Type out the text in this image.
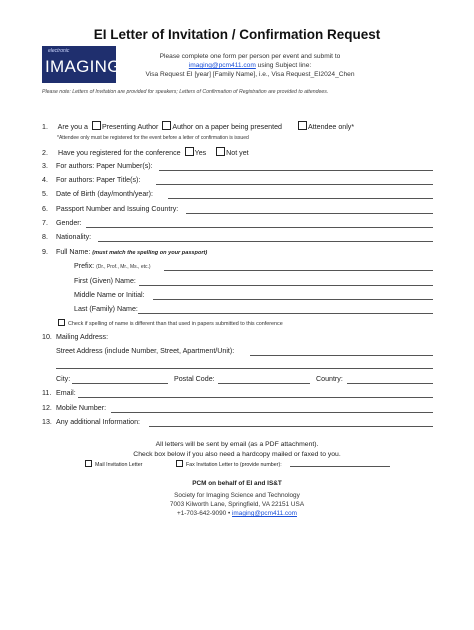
EI Letter of Invitation / Confirmation Request
electronic
IMAGING
Please complete one form per person per event and submit to
imaging@pcm411.com using Subject line:
Visa Request EI [year] [Family Name], i.e., Visa Request_EI2024_Chen
Please note: Letters of Invitation are provided for speakers; Letters of Confirmation of Registration are provided to attendees.
1. Are you a Presenting Author Author on a paper being presented	Attendee only*
*Attendee only must be registered for the event before a letter of confirmation is issued
2. Have you registered for the conference Yes	Not yet
3. For authors: Paper Number(s):
4. For authors: Paper Title(s):
5. Date of Birth (day/month/year):
6. Passport Number and Issuing Country:
7. Gender:
8. Nationality:
9. Full Name: (must match the spelling on your passport)
Prefix: (Dr., Prof., Mr., Ms., etc.)
First (Given) Name:
Middle Name or Initial:
Last (Family) Name:
Check if spelling of name is different than that used in papers submitted to this conference
10. Mailing Address:
Street Address (include Number, Street, Apartment/Unit):
City:	Postal Code:	Country:
11. Email:
12. Mobile Number:
13. Any additional Information:
All letters will be sent by email (as a PDF attachment).
Check box below if you also need a hardcopy mailed or faxed to you.
Mail Invitation Letter	Fax Invitation Letter to (provide number):
PCM on behalf of EI and IS&T
Society for Imaging Science and Technology
7003 Kilworth Lane, Springfield, VA 22151 USA
+1-703-642-9090 • imaging@pcm411.com
